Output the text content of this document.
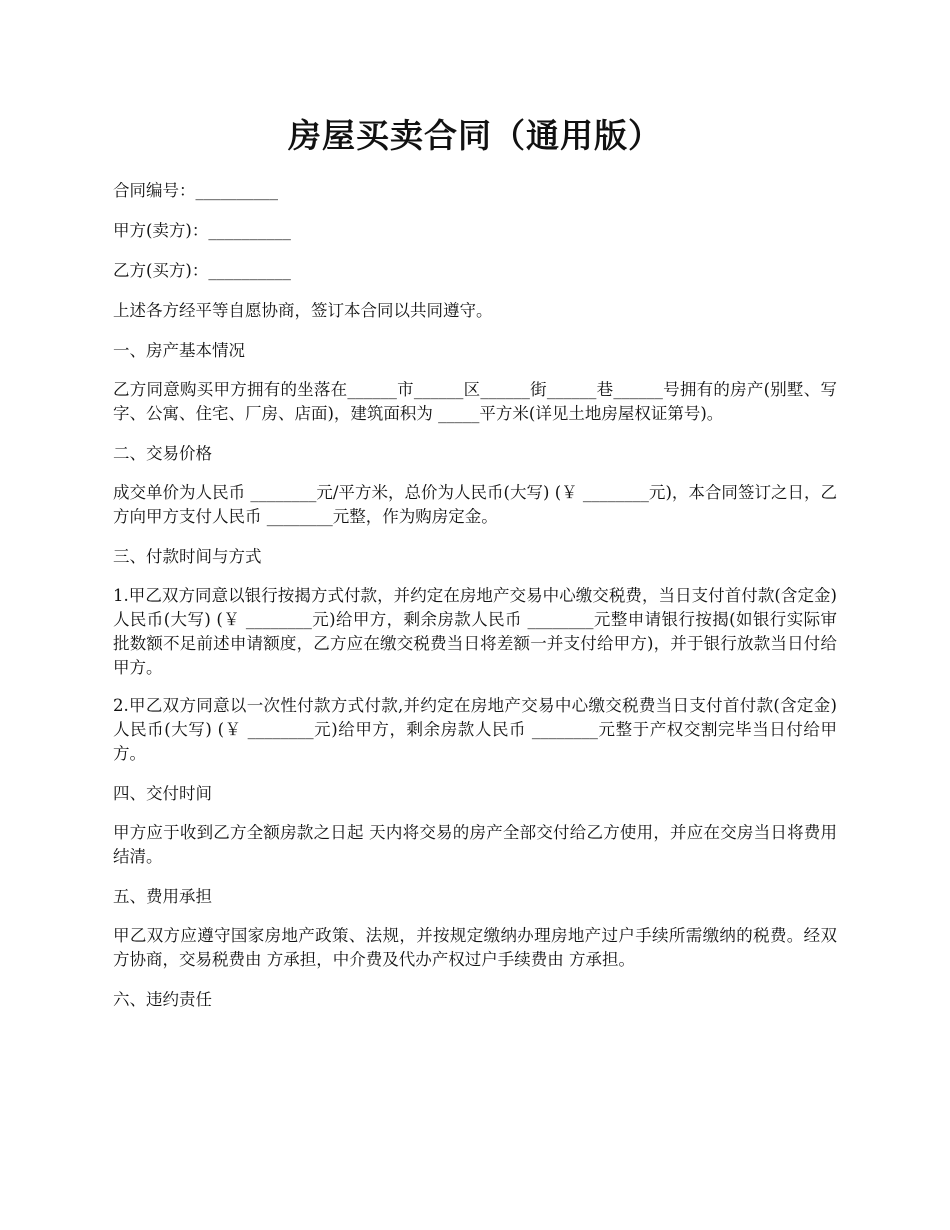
房屋买卖合同（通用版）

合同编号：__________

甲方(卖方)：__________

乙方(买方)：__________

上述各方经平等自愿协商，签订本合同以共同遵守。

一、房产基本情况

乙方同意购买甲方拥有的坐落在______市______区______街______巷______号拥有的房产(别墅、写字、公寓、住宅、厂房、店面)，建筑面积为 _____平方米(详见土地房屋权证第号)。

二、交易价格

成交单价为人民币 ________元/平方米，总价为人民币(大写) (￥ ________元)，本合同签订之日，乙方向甲方支付人民币 ________元整，作为购房定金。

三、付款时间与方式

1.甲乙双方同意以银行按揭方式付款，并约定在房地产交易中心缴交税费，当日支付首付款(含定金)人民币(大写) (￥ ________元)给甲方，剩余房款人民币 ________元整申请银行按揭(如银行实际审批数额不足前述申请额度，乙方应在缴交税费当日将差额一并支付给甲方)，并于银行放款当日付给甲方。

2.甲乙双方同意以一次性付款方式付款,并约定在房地产交易中心缴交税费当日支付首付款(含定金)人民币(大写) (￥ ________元)给甲方，剩余房款人民币 ________元整于产权交割完毕当日付给甲方。

四、交付时间

甲方应于收到乙方全额房款之日起 天内将交易的房产全部交付给乙方使用，并应在交房当日将费用结清。

五、费用承担

甲乙双方应遵守国家房地产政策、法规，并按规定缴纳办理房地产过户手续所需缴纳的税费。经双方协商，交易税费由 方承担，中介费及代办产权过户手续费由 方承担。

六、违约责任
